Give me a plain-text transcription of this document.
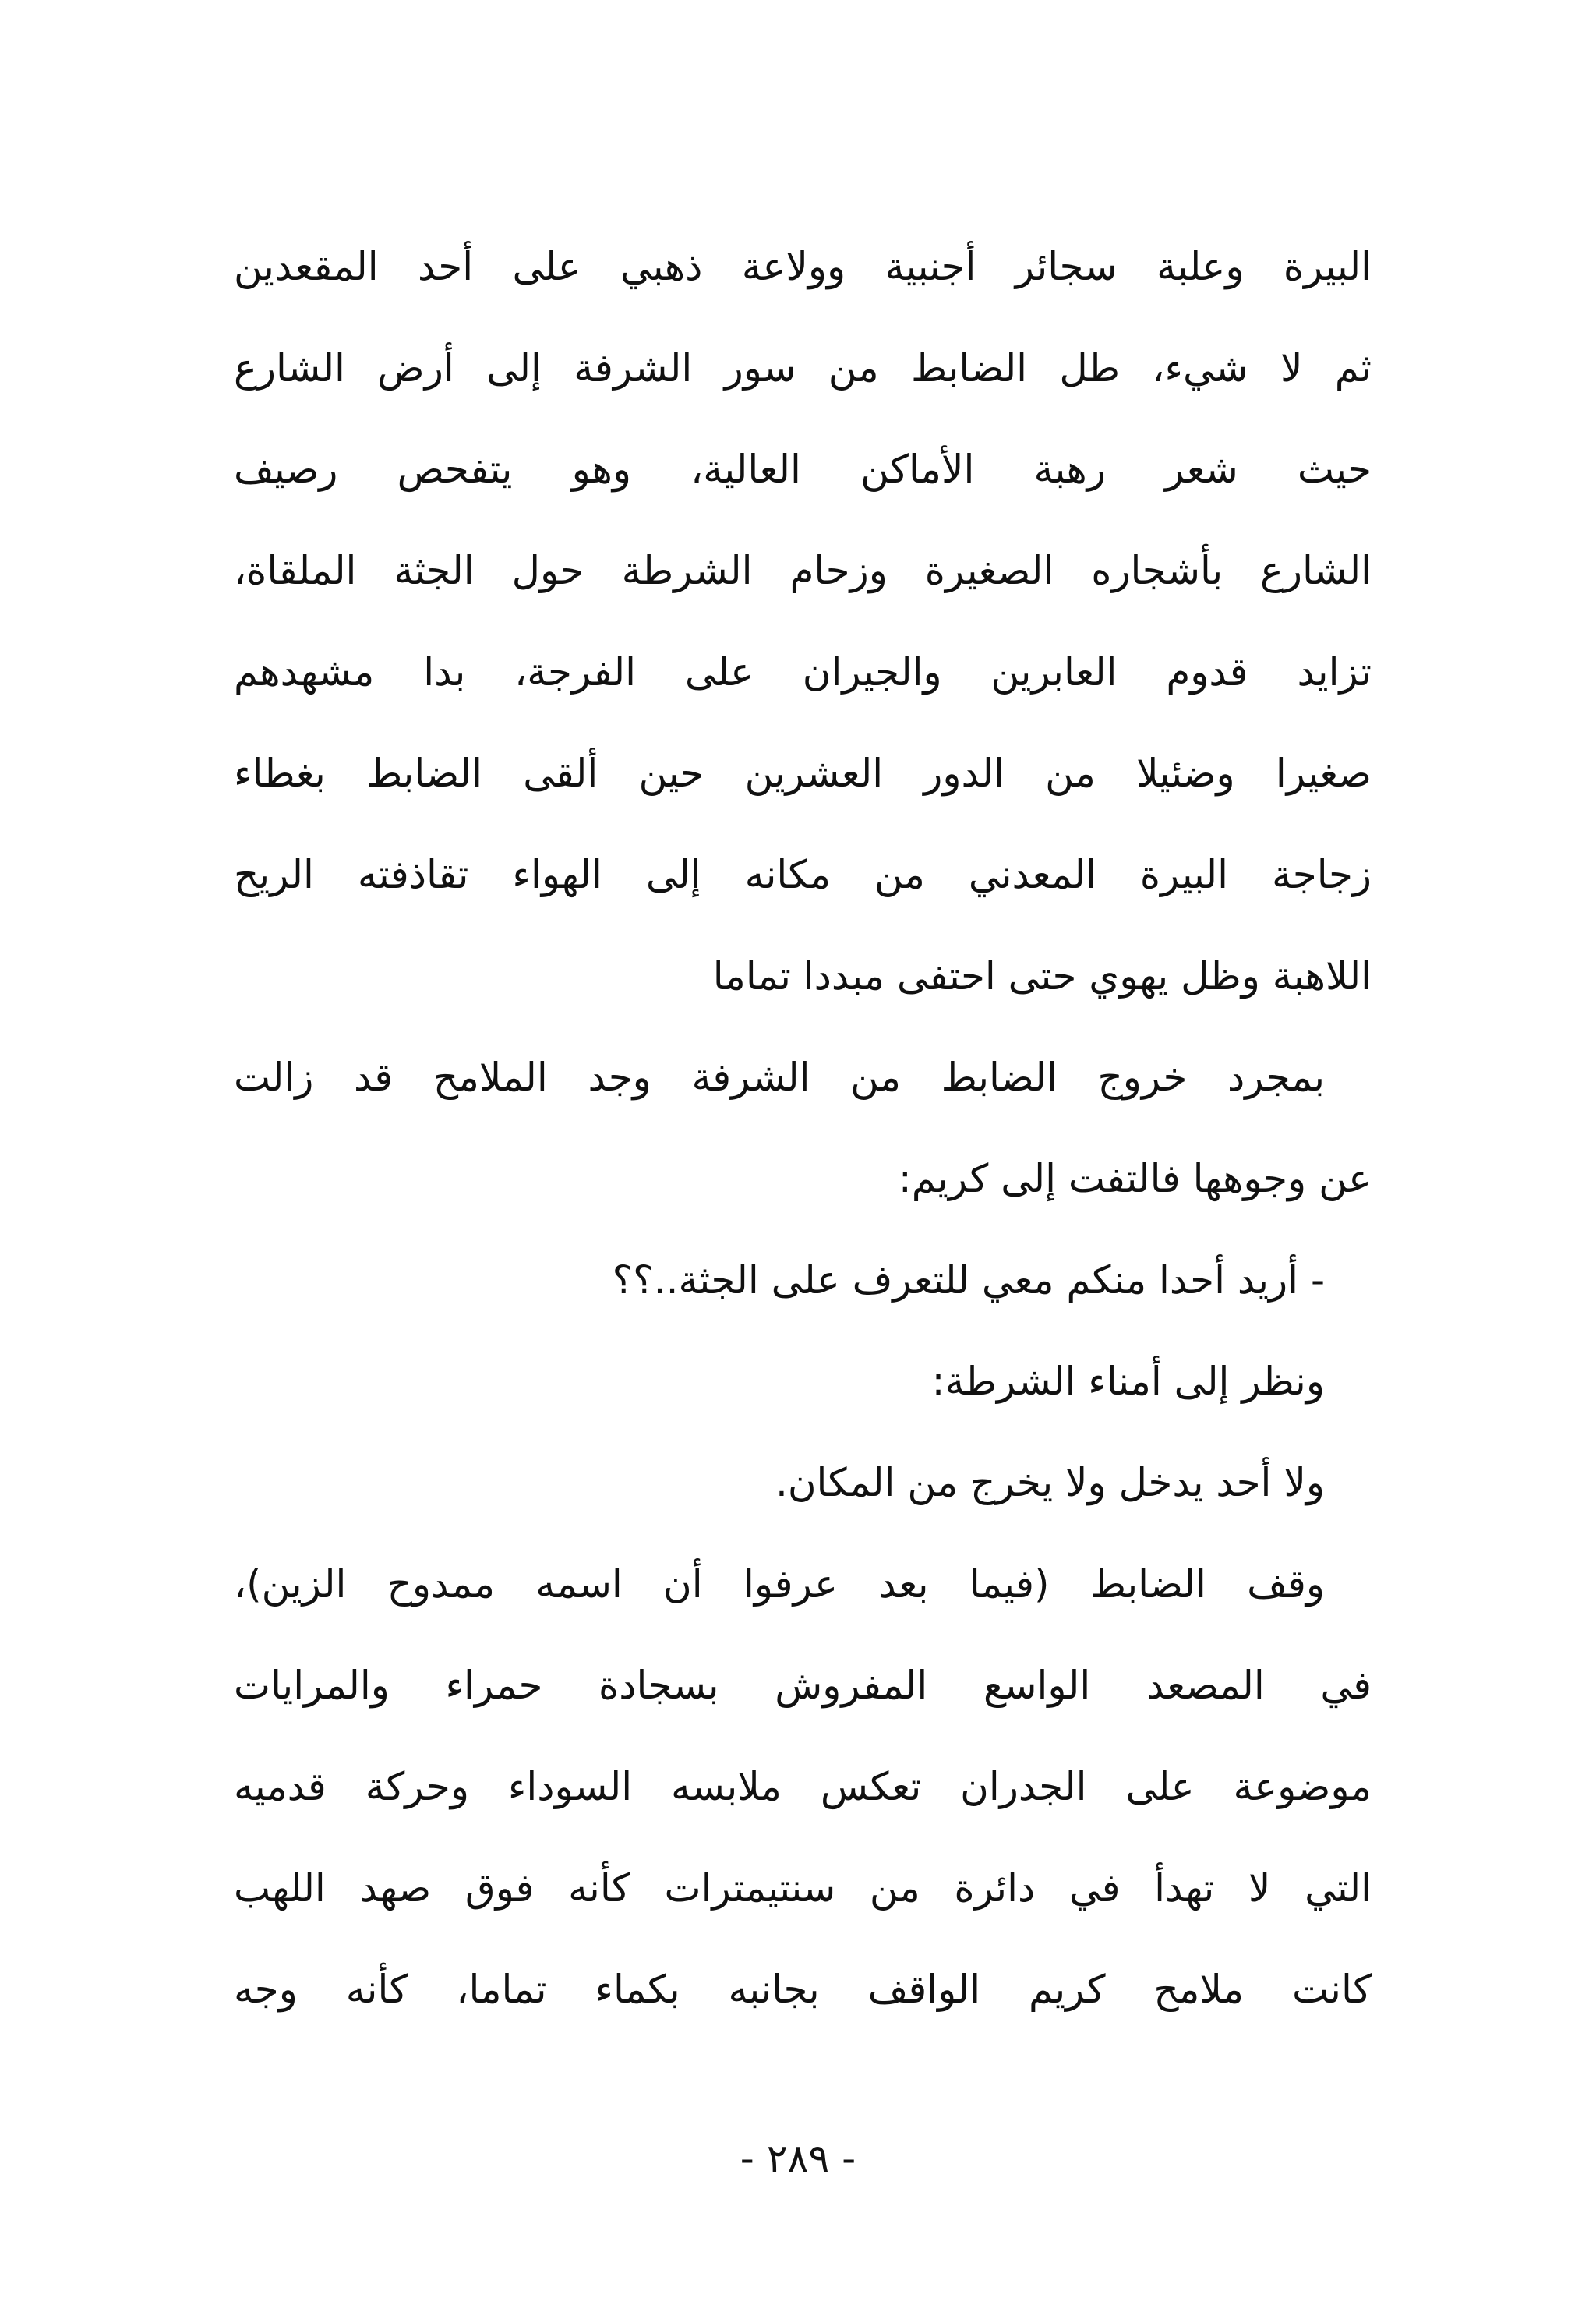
البيرة وعلبة سجائر أجنبية وولاعة ذهبي على أحد المقعدين
ثم لا شيء، طل الضابط من سور الشرفة إلى أرض الشارع
حيث شعر رهبة الأماكن العالية، وهو يتفحص رصيف
الشارع بأشجاره الصغيرة وزحام الشرطة حول الجثة الملقاة،
تزايد قدوم العابرين والجيران على الفرجة، بدا مشهدهم
صغيرا وضئيلا من الدور العشرين حين ألقى الضابط بغطاء
زجاجة البيرة المعدني من مكانه إلى الهواء تقاذفته الريح
اللاهبة وظل يهوي حتى احتفى مبددا تماما
بمجرد خروج الضابط من الشرفة وجد الملامح قد زالت
عن وجوهها فالتفت إلى كريم:
- أريد أحدا منكم معي للتعرف على الجثة..؟؟
ونظر إلى أمناء الشرطة:
ولا أحد يدخل ولا يخرج من المكان.
وقف الضابط (فيما بعد عرفوا أن اسمه ممدوح الزين)،
في المصعد الواسع المفروش بسجادة حمراء والمرايات
موضوعة على الجدران تعكس ملابسه السوداء وحركة قدميه
التي لا تهدأ في دائرة من سنتيمترات كأنه فوق صهد اللهب
كانت ملامح كريم الواقف بجانبه بكماء تماما، كأنه وجه
- ٢٨٩ -
